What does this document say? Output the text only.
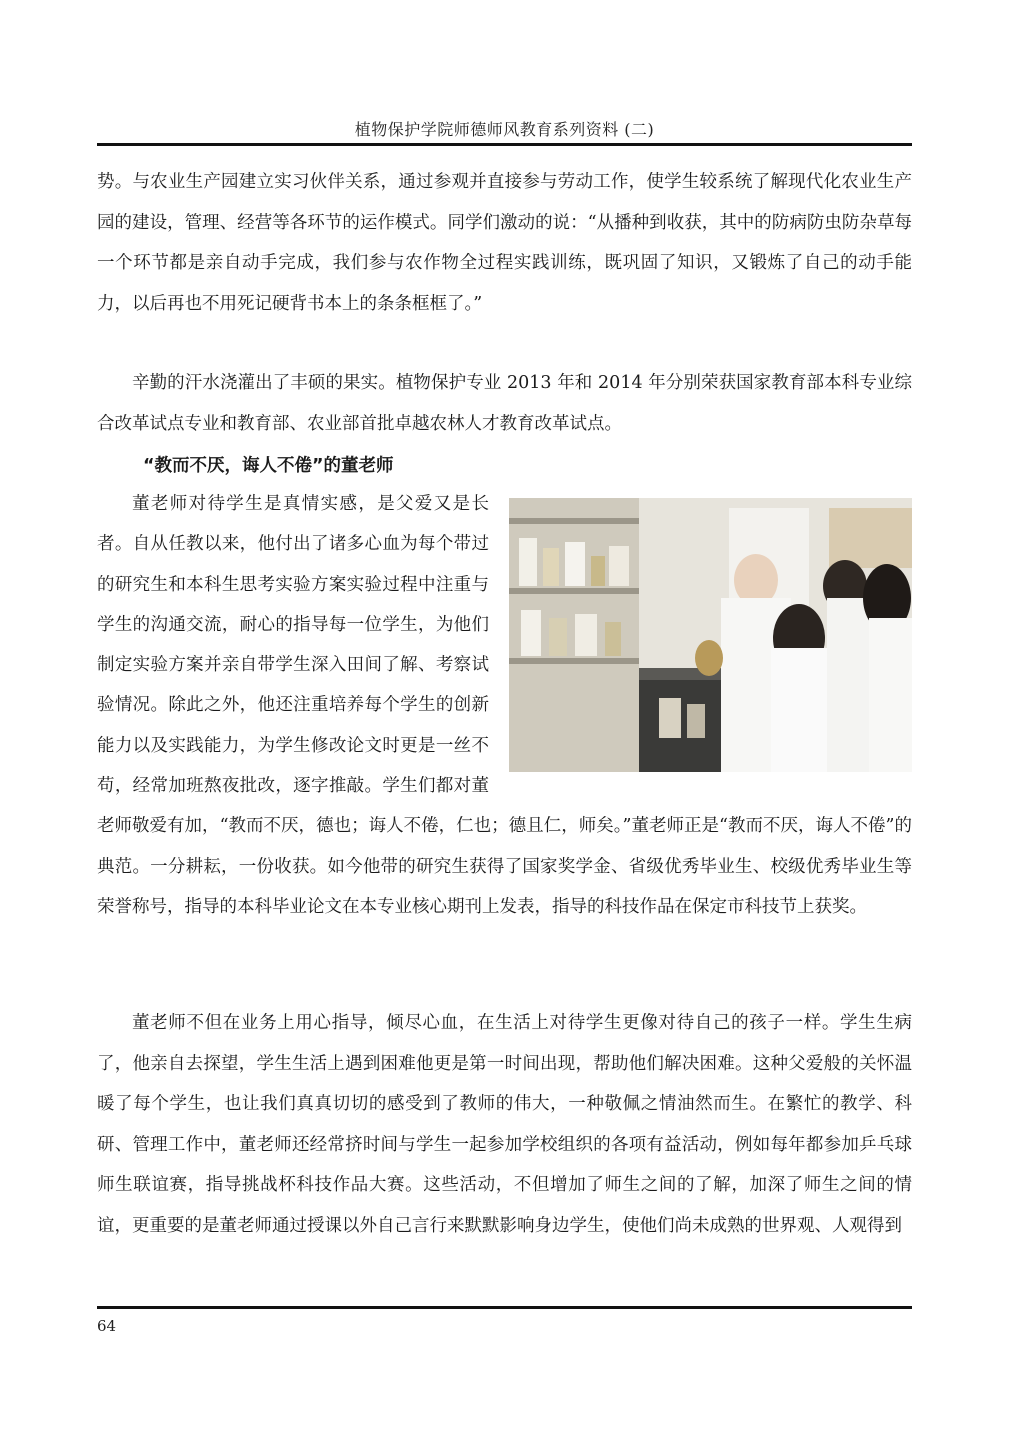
植物保护学院师德师风教育系列资料 (二)

势。与农业生产园建立实习伙伴关系，通过参观并直接参与劳动工作，使学生较系统了解现代化农业生产园的建设，管理、经营等各环节的运作模式。同学们激动的说：“从播种到收获，其中的防病防虫防杂草每一个环节都是亲自动手完成，我们参与农作物全过程实践训练，既巩固了知识，又锻炼了自己的动手能力，以后再也不用死记硬背书本上的条条框框了。”

辛勤的汗水浇灌出了丰硕的果实。植物保护专业 2013 年和 2014 年分别荣获国家教育部本科专业综合改革试点专业和教育部、农业部首批卓越农林人才教育改革试点。

“教而不厌，诲人不倦”的董老师

董老师对待学生是真情实感，是父爱又是长者。自从任教以来，他付出了诸多心血为每个带过的研究生和本科生思考实验方案实验过程中注重与学生的沟通交流，耐心的指导每一位学生，为他们制定实验方案并亲自带学生深入田间了解、考察试验情况。除此之外，他还注重培养每个学生的创新能力以及实践能力，为学生修改论文时更是一丝不苟，经常加班熬夜批改，逐字推敲。学生们都对董老师敬爱有加，“教而不厌，德也；诲人不倦，仁也；德且仁，师矣。”董老师正是“教而不厌，诲人不倦”的典范。一分耕耘，一份收获。如今他带的研究生获得了国家奖学金、省级优秀毕业生、校级优秀毕业生等荣誉称号，指导的本科毕业论文在本专业核心期刊上发表，指导的科技作品在保定市科技节上获奖。

董老师不但在业务上用心指导，倾尽心血，在生活上对待学生更像对待自己的孩子一样。学生生病了，他亲自去探望，学生生活上遇到困难他更是第一时间出现，帮助他们解决困难。这种父爱般的关怀温暖了每个学生，也让我们真真切切的感受到了教师的伟大，一种敬佩之情油然而生。在繁忙的教学、科研、管理工作中，董老师还经常挤时间与学生一起参加学校组织的各项有益活动，例如每年都参加乒乓球师生联谊赛，指导挑战杯科技作品大赛。这些活动，不但增加了师生之间的了解，加深了师生之间的情谊，更重要的是董老师通过授课以外自己言行来默默影响身边学生，使他们尚未成熟的世界观、人观得到

64
